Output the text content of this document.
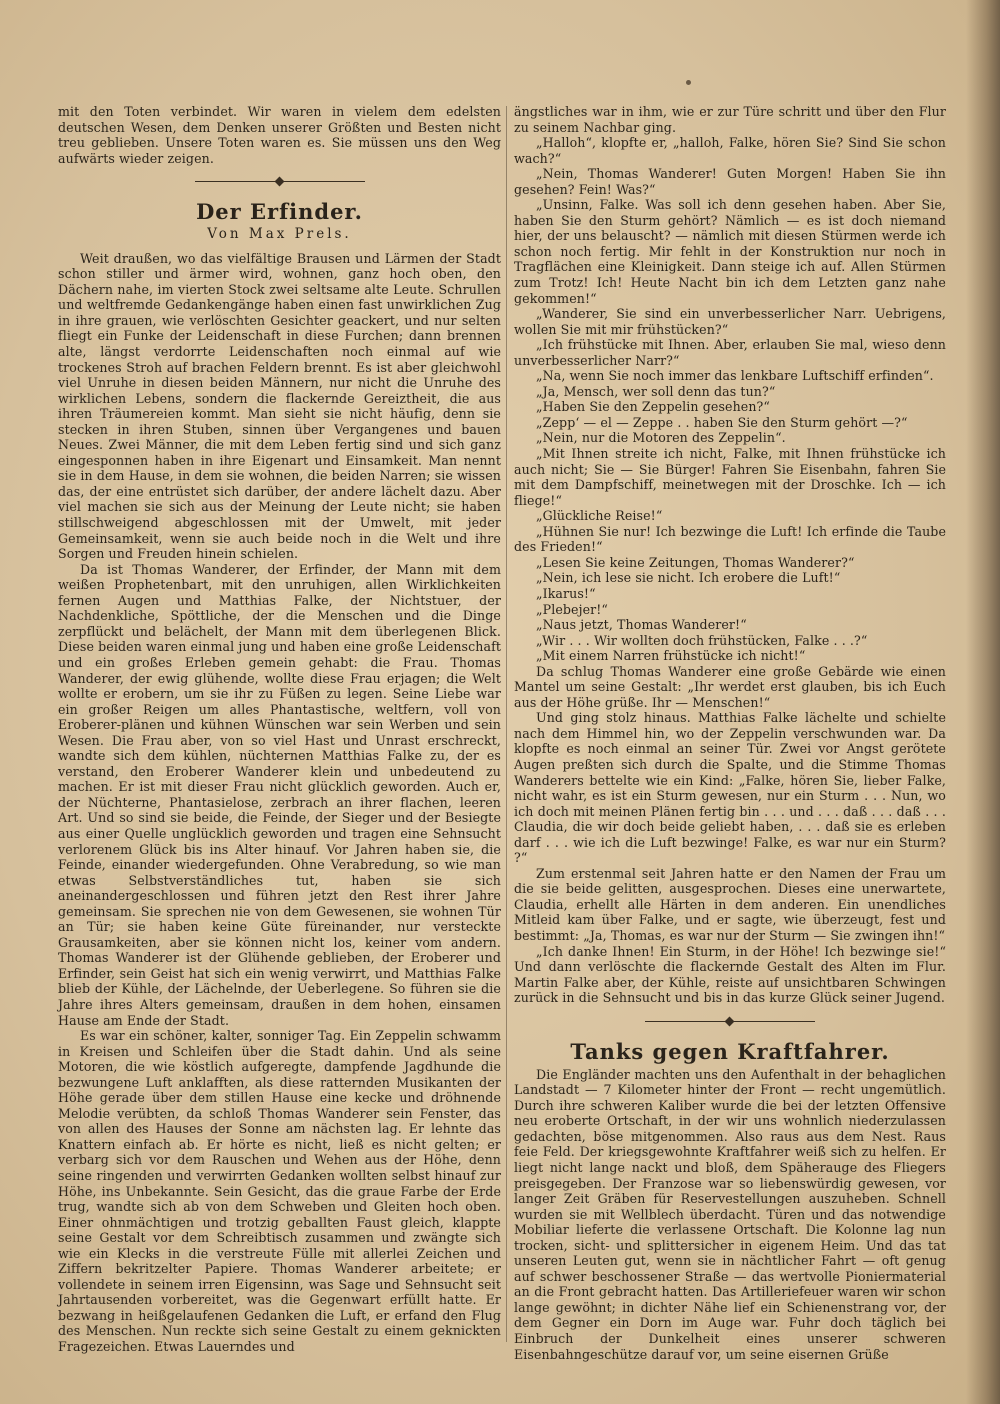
mit den Toten verbindet. Wir waren in vielem dem edelsten deutschen Wesen, dem Denken unserer Größten und Besten nicht treu geblieben. Unsere Toten waren es. Sie müssen uns den Weg aufwärts wieder zeigen.

Der Erfinder.
Von Max Prels.

Weit draußen, wo das vielfältige Brausen und Lärmen der Stadt schon stiller und ärmer wird, wohnen, ganz hoch oben, den Dächern nahe, im vierten Stock zwei seltsame alte Leute. Schrullen und weltfremde Gedankengänge haben einen fast unwirklichen Zug in ihre grauen, wie verlöschten Gesichter geackert, und nur selten fliegt ein Funke der Leidenschaft in diese Furchen; dann brennen alte, längst verdorrte Leidenschaften noch einmal auf wie trockenes Stroh auf brachen Feldern brennt. Es ist aber gleichwohl viel Unruhe in diesen beiden Männern, nur nicht die Unruhe des wirklichen Lebens, sondern die flackernde Gereiztheit, die aus ihren Träumereien kommt. Man sieht sie nicht häufig, denn sie stecken in ihren Stuben, sinnen über Vergangenes und bauen Neues. Zwei Männer, die mit dem Leben fertig sind und sich ganz eingesponnen haben in ihre Eigenart und Einsamkeit. Man nennt sie in dem Hause, in dem sie wohnen, die beiden Narren; sie wissen das, der eine entrüstet sich darüber, der andere lächelt dazu. Aber viel machen sie sich aus der Meinung der Leute nicht; sie haben stillschweigend abgeschlossen mit der Umwelt, mit jeder Gemeinsamkeit, wenn sie auch beide noch in die Welt und ihre Sorgen und Freuden hinein schielen.

Da ist Thomas Wanderer, der Erfinder, der Mann mit dem weißen Prophetenbart, mit den unruhigen, allen Wirklichkeiten fernen Augen und Matthias Falke, der Nichtstuer, der Nachdenkliche, Spöttliche, der die Menschen und die Dinge zerpflückt und belächelt, der Mann mit dem überlegenen Blick. Diese beiden waren einmal jung und haben eine große Leidenschaft und ein großes Erleben gemein gehabt: die Frau. Thomas Wanderer, der ewig glühende, wollte diese Frau erjagen; die Welt wollte er erobern, um sie ihr zu Füßen zu legen. Seine Liebe war ein großer Reigen um alles Phantastische, weltfern, voll von Eroberer-plänen und kühnen Wünschen war sein Werben und sein Wesen. Die Frau aber, von so viel Hast und Unrast erschreckt, wandte sich dem kühlen, nüchternen Matthias Falke zu, der es verstand, den Eroberer Wanderer klein und unbedeutend zu machen. Er ist mit dieser Frau nicht glücklich geworden. Auch er, der Nüchterne, Phantasielose, zerbrach an ihrer flachen, leeren Art. Und so sind sie beide, die Feinde, der Sieger und der Besiegte aus einer Quelle unglücklich geworden und tragen eine Sehnsucht verlorenem Glück bis ins Alter hinauf. Vor Jahren haben sie, die Feinde, einander wiedergefunden. Ohne Verabredung, so wie man etwas Selbstverständliches tut, haben sie sich aneinandergeschlossen und führen jetzt den Rest ihrer Jahre gemeinsam. Sie sprechen nie von dem Gewesenen, sie wohnen Tür an Tür; sie haben keine Güte füreinander, nur versteckte Grausamkeiten, aber sie können nicht los, keiner vom andern. Thomas Wanderer ist der Glühende geblieben, der Eroberer und Erfinder, sein Geist hat sich ein wenig verwirrt, und Matthias Falke blieb der Kühle, der Lächelnde, der Ueberlegene. So führen sie die Jahre ihres Alters gemeinsam, draußen in dem hohen, einsamen Hause am Ende der Stadt.

Es war ein schöner, kalter, sonniger Tag. Ein Zeppelin schwamm in Kreisen und Schleifen über die Stadt dahin. Und als seine Motoren, die wie köstlich aufgeregte, dampfende Jagdhunde die bezwungene Luft anklafften, als diese ratternden Musikanten der Höhe gerade über dem stillen Hause eine kecke und dröhnende Melodie verübten, da schloß Thomas Wanderer sein Fenster, das von allen des Hauses der Sonne am nächsten lag. Er lehnte das Knattern einfach ab. Er hörte es nicht, ließ es nicht gelten; er verbarg sich vor dem Rauschen und Wehen aus der Höhe, denn seine ringenden und verwirrten Gedanken wollten selbst hinauf zur Höhe, ins Unbekannte. Sein Gesicht, das die graue Farbe der Erde trug, wandte sich ab von dem Schweben und Gleiten hoch oben. Einer ohnmächtigen und trotzig geballten Faust gleich, klappte seine Gestalt vor dem Schreibtisch zusammen und zwängte sich wie ein Klecks in die verstreute Fülle mit allerlei Zeichen und Ziffern bekritzelter Papiere. Thomas Wanderer arbeitete; er vollendete in seinem irren Eigensinn, was Sage und Sehnsucht seit Jahrtausenden vorbereitet, was die Gegenwart erfüllt hatte. Er bezwang in heißgelaufenen Gedanken die Luft, er erfand den Flug des Menschen. Nun reckte sich seine Gestalt zu einem geknickten Fragezeichen. Etwas Lauerndes und

ängstliches war in ihm, wie er zur Türe schritt und über den Flur zu seinem Nachbar ging.

„Halloh“, klopfte er, „halloh, Falke, hören Sie? Sind Sie schon wach?“

„Nein, Thomas Wanderer! Guten Morgen! Haben Sie ihn gesehen? Fein! Was?“

„Unsinn, Falke. Was soll ich denn gesehen haben. Aber Sie, haben Sie den Sturm gehört? Nämlich — es ist doch niemand hier, der uns belauscht? — nämlich mit diesen Stürmen werde ich schon noch fertig. Mir fehlt in der Konstruktion nur noch in Tragflächen eine Kleinigkeit. Dann steige ich auf. Allen Stürmen zum Trotz! Ich! Heute Nacht bin ich dem Letzten ganz nahe gekommen!“

„Wanderer, Sie sind ein unverbesserlicher Narr. Uebrigens, wollen Sie mit mir frühstücken?“

„Ich frühstücke mit Ihnen. Aber, erlauben Sie mal, wieso denn unverbesserlicher Narr?“

„Na, wenn Sie noch immer das lenkbare Luftschiff erfinden“.

„Ja, Mensch, wer soll denn das tun?“

„Haben Sie den Zeppelin gesehen?“

„Zepp‘ — el — Zeppe . . haben Sie den Sturm gehört —?“

„Nein, nur die Motoren des Zeppelin“.

„Mit Ihnen streite ich nicht, Falke, mit Ihnen frühstücke ich auch nicht; Sie — Sie Bürger! Fahren Sie Eisenbahn, fahren Sie mit dem Dampfschiff, meinetwegen mit der Droschke. Ich — ich fliege!“

„Glückliche Reise!“

„Hühnen Sie nur! Ich bezwinge die Luft! Ich erfinde die Taube des Frieden!“

„Lesen Sie keine Zeitungen, Thomas Wanderer?“

„Nein, ich lese sie nicht. Ich erobere die Luft!“

„Ikarus!“

„Plebejer!“

„Naus jetzt, Thomas Wanderer!“

„Wir . . . Wir wollten doch frühstücken, Falke . . .?“

„Mit einem Narren frühstücke ich nicht!“

Da schlug Thomas Wanderer eine große Gebärde wie einen Mantel um seine Gestalt: „Ihr werdet erst glauben, bis ich Euch aus der Höhe grüße. Ihr — Menschen!“

Und ging stolz hinaus. Matthias Falke lächelte und schielte nach dem Himmel hin, wo der Zeppelin verschwunden war. Da klopfte es noch einmal an seiner Tür. Zwei vor Angst gerötete Augen preßten sich durch die Spalte, und die Stimme Thomas Wanderers bettelte wie ein Kind: „Falke, hören Sie, lieber Falke, nicht wahr, es ist ein Sturm gewesen, nur ein Sturm . . . Nun, wo ich doch mit meinen Plänen fertig bin . . . und . . . daß . . . daß . . . Claudia, die wir doch beide geliebt haben, . . . daß sie es erleben darf . . . wie ich die Luft bezwinge! Falke, es war nur ein Sturm? ?“

Zum erstenmal seit Jahren hatte er den Namen der Frau um die sie beide gelitten, ausgesprochen. Dieses eine unerwartete, Claudia, erhellt alle Härten in dem anderen. Ein unendliches Mitleid kam über Falke, und er sagte, wie überzeugt, fest und bestimmt: „Ja, Thomas, es war nur der Sturm — Sie zwingen ihn!“

„Ich danke Ihnen! Ein Sturm, in der Höhe! Ich bezwinge sie!“ Und dann verlöschte die flackernde Gestalt des Alten im Flur. Martin Falke aber, der Kühle, reiste auf unsichtbaren Schwingen zurück in die Sehnsucht und bis in das kurze Glück seiner Jugend.

Tanks gegen Kraftfahrer.

Die Engländer machten uns den Aufenthalt in der behaglichen Landstadt — 7 Kilometer hinter der Front — recht ungemütlich. Durch ihre schweren Kaliber wurde die bei der letzten Offensive neu eroberte Ortschaft, in der wir uns wohnlich niederzulassen gedachten, böse mitgenommen. Also raus aus dem Nest. Raus feie Feld. Der kriegsgewohnte Kraftfahrer weiß sich zu helfen. Er liegt nicht lange nackt und bloß, dem Späherauge des Fliegers preisgegeben. Der Franzose war so liebenswürdig gewesen, vor langer Zeit Gräben für Reservestellungen auszuheben. Schnell wurden sie mit Wellblech überdacht. Türen und das notwendige Mobiliar lieferte die verlassene Ortschaft. Die Kolonne lag nun trocken, sicht- und splittersicher in eigenem Heim. Und das tat unseren Leuten gut, wenn sie in nächtlicher Fahrt — oft genug auf schwer beschossener Straße — das wertvolle Pioniermaterial an die Front gebracht hatten. Das Artilleriefeuer waren wir schon lange gewöhnt; in dichter Nähe lief ein Schienenstrang vor, der dem Gegner ein Dorn im Auge war. Fuhr doch täglich bei Einbruch der Dunkelheit eines unserer schweren Eisenbahngeschütze darauf vor, um seine eisernen Grüße
